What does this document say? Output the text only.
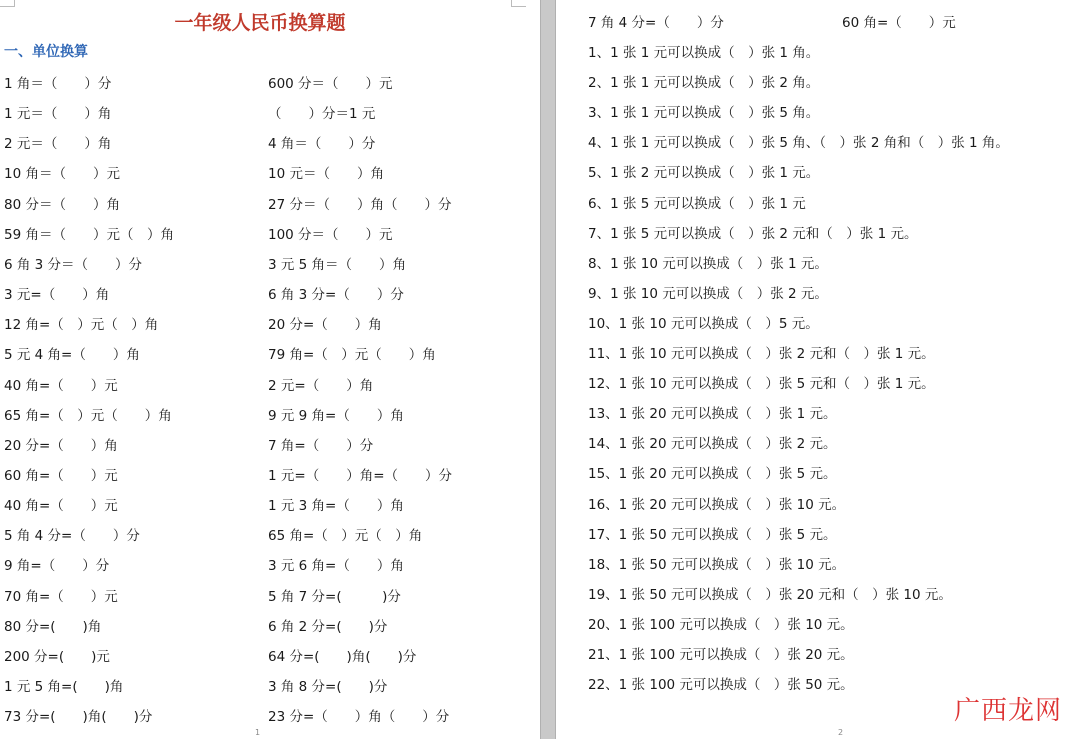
一年级人民币换算题
一、单位换算
1 角＝（　　）分	600 分＝（　　）元
1 元＝（　　）角	（　　）分＝1 元
2 元＝（　　）角	4 角＝（　　）分
10 角＝（　　）元	10 元＝（　　）角
80 分＝（　　）角	27 分＝（　　）角（　　）分
59 角＝（　　）元（　）角	100 分＝（　　）元
6 角 3 分＝（　　）分	3 元 5 角＝（　　）角
3 元=（　　）角	6 角 3 分=（　　）分
12 角=（　）元（　）角	20 分=（　　）角
5 元 4 角=（　　）角	79 角=（　）元（　　）角
40 角=（　　）元	2 元=（　　）角
65 角=（　）元（　　）角	9 元 9 角=（　　）角
20 分=（　　）角	7 角=（　　）分
60 角=（　　）元	1 元=（　　）角=（　　）分
40 角=（　　）元	1 元 3 角=（　　）角
5 角 4 分=（　　）分	65 角=（　）元（　）角
9 角=（　　）分	3 元 6 角=（　　）角
70 角=（　　）元	5 角 7 分=(　　　)分
80 分=(　　)角	6 角 2 分=(　　)分
200 分=(　　)元	64 分=(　　)角(　　)分
1 元 5 角=(　　)角	3 角 8 分=(　　)分
73 分=(　　)角(　　)分	23 分=（　　）角（　　）分
1
7 角 4 分=（　　）分	60 角=（　　）元
1、1 张 1 元可以换成（　）张 1 角。
2、1 张 1 元可以换成（　）张 2 角。
3、1 张 1 元可以换成（　）张 5 角。
4、1 张 1 元可以换成（　）张 5 角、（　）张 2 角和（　）张 1 角。
5、1 张 2 元可以换成（　）张 1 元。
6、1 张 5 元可以换成（　）张 1 元
7、1 张 5 元可以换成（　）张 2 元和（　）张 1 元。
8、1 张 10 元可以换成（　）张 1 元。
9、1 张 10 元可以换成（　）张 2 元。
10、1 张 10 元可以换成（　）5 元。
11、1 张 10 元可以换成（　）张 2 元和（　）张 1 元。
12、1 张 10 元可以换成（　）张 5 元和（　）张 1 元。
13、1 张 20 元可以换成（　）张 1 元。
14、1 张 20 元可以换成（　）张 2 元。
15、1 张 20 元可以换成（　）张 5 元。
16、1 张 20 元可以换成（　）张 10 元。
17、1 张 50 元可以换成（　）张 5 元。
18、1 张 50 元可以换成（　）张 10 元。
19、1 张 50 元可以换成（　）张 20 元和（　）张 10 元。
20、1 张 100 元可以换成（　）张 10 元。
21、1 张 100 元可以换成（　）张 20 元。
22、1 张 100 元可以换成（　）张 50 元。
2
广西龙网
